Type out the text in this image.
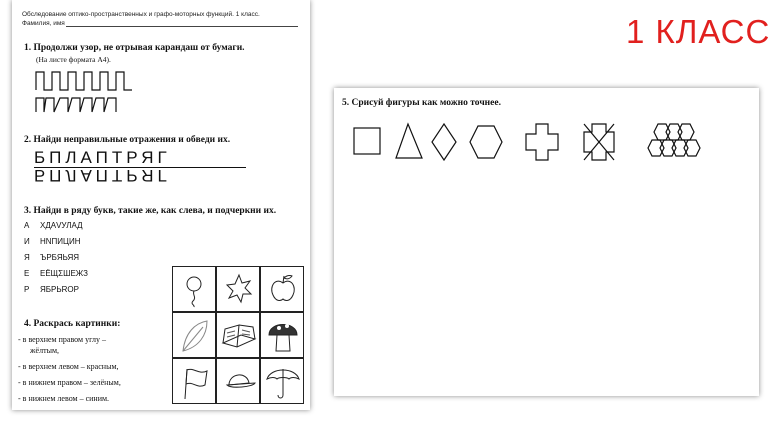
1 КЛАСС
Обследование оптико-пространственных и графо-моторных функций. 1 класс.
Фамилия, имя
1. Продолжи узор, не отрывая карандаш от бумаги.
(На листе формата А4).
2. Найди неправильные отражения и обведи их.
БПЛАПТРЯГ
БПЛАПТРЯГ
3. Найди в ряду букв, такие же, как слева, и подчеркни их.
А ХДАVУЛАД
И НNПИЦИН
Я ЪРБЯЬЯЯ
Е ЕЁЩΣШЕЖЗ
Р ЯБРЬRОР
4. Раскрась картинки:
- в верхнем правом углу –
жёлтым,
- в верхнем левом – красным,
- в нижнем правом – зелёным,
- в нижнем левом – синим.
5. Срисуй фигуры как можно точнее.
